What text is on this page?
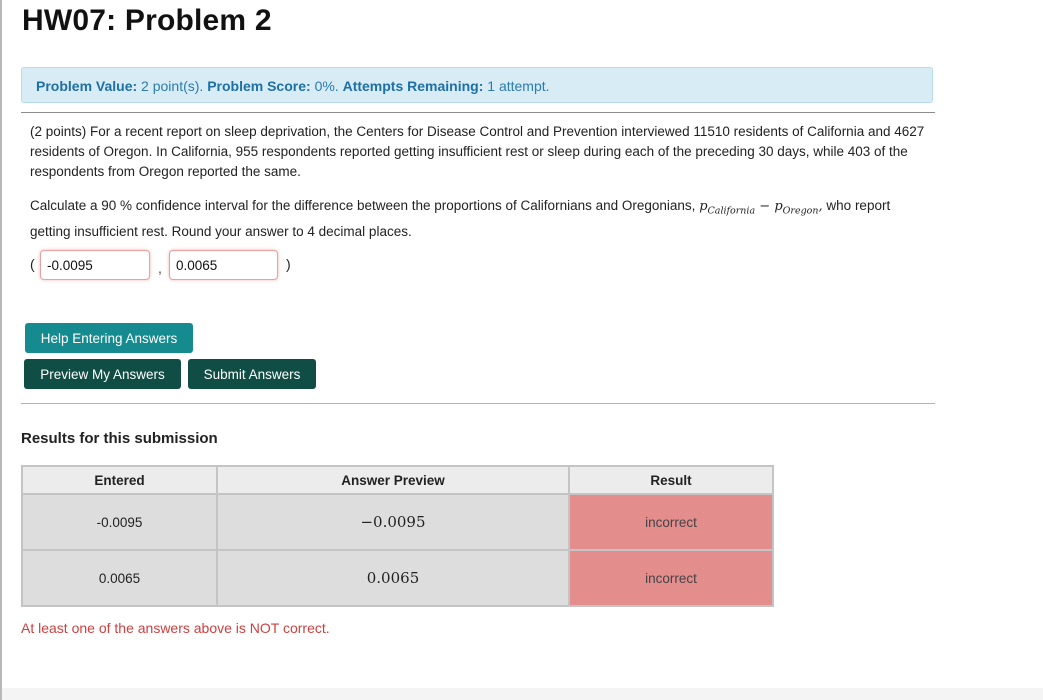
HW07: Problem 2
Problem Value: 2 point(s). Problem Score: 0%. Attempts Remaining: 1 attempt.

(2 points) For a recent report on sleep deprivation, the Centers for Disease Control and Prevention interviewed 11510 residents of California and 4627 residents of Oregon. In California, 955 respondents reported getting insufficient rest or sleep during each of the preceding 30 days, while 403 of the respondents from Oregon reported the same.

Calculate a 90 % confidence interval for the difference between the proportions of Californians and Oregonians, $p_{California} - p_{Oregon}$, who report getting insufficient rest. Round your answer to 4 decimal places.

(
-0.0095	,
0.0065	)
Help Entering Answers
Preview My Answers	Submit Answers
Results for this submission
Entered	Answer Preview	Result
-0.0095	−0.0095	incorrect
0.0065	0.0065	incorrect

At least one of the answers above is NOT correct.
